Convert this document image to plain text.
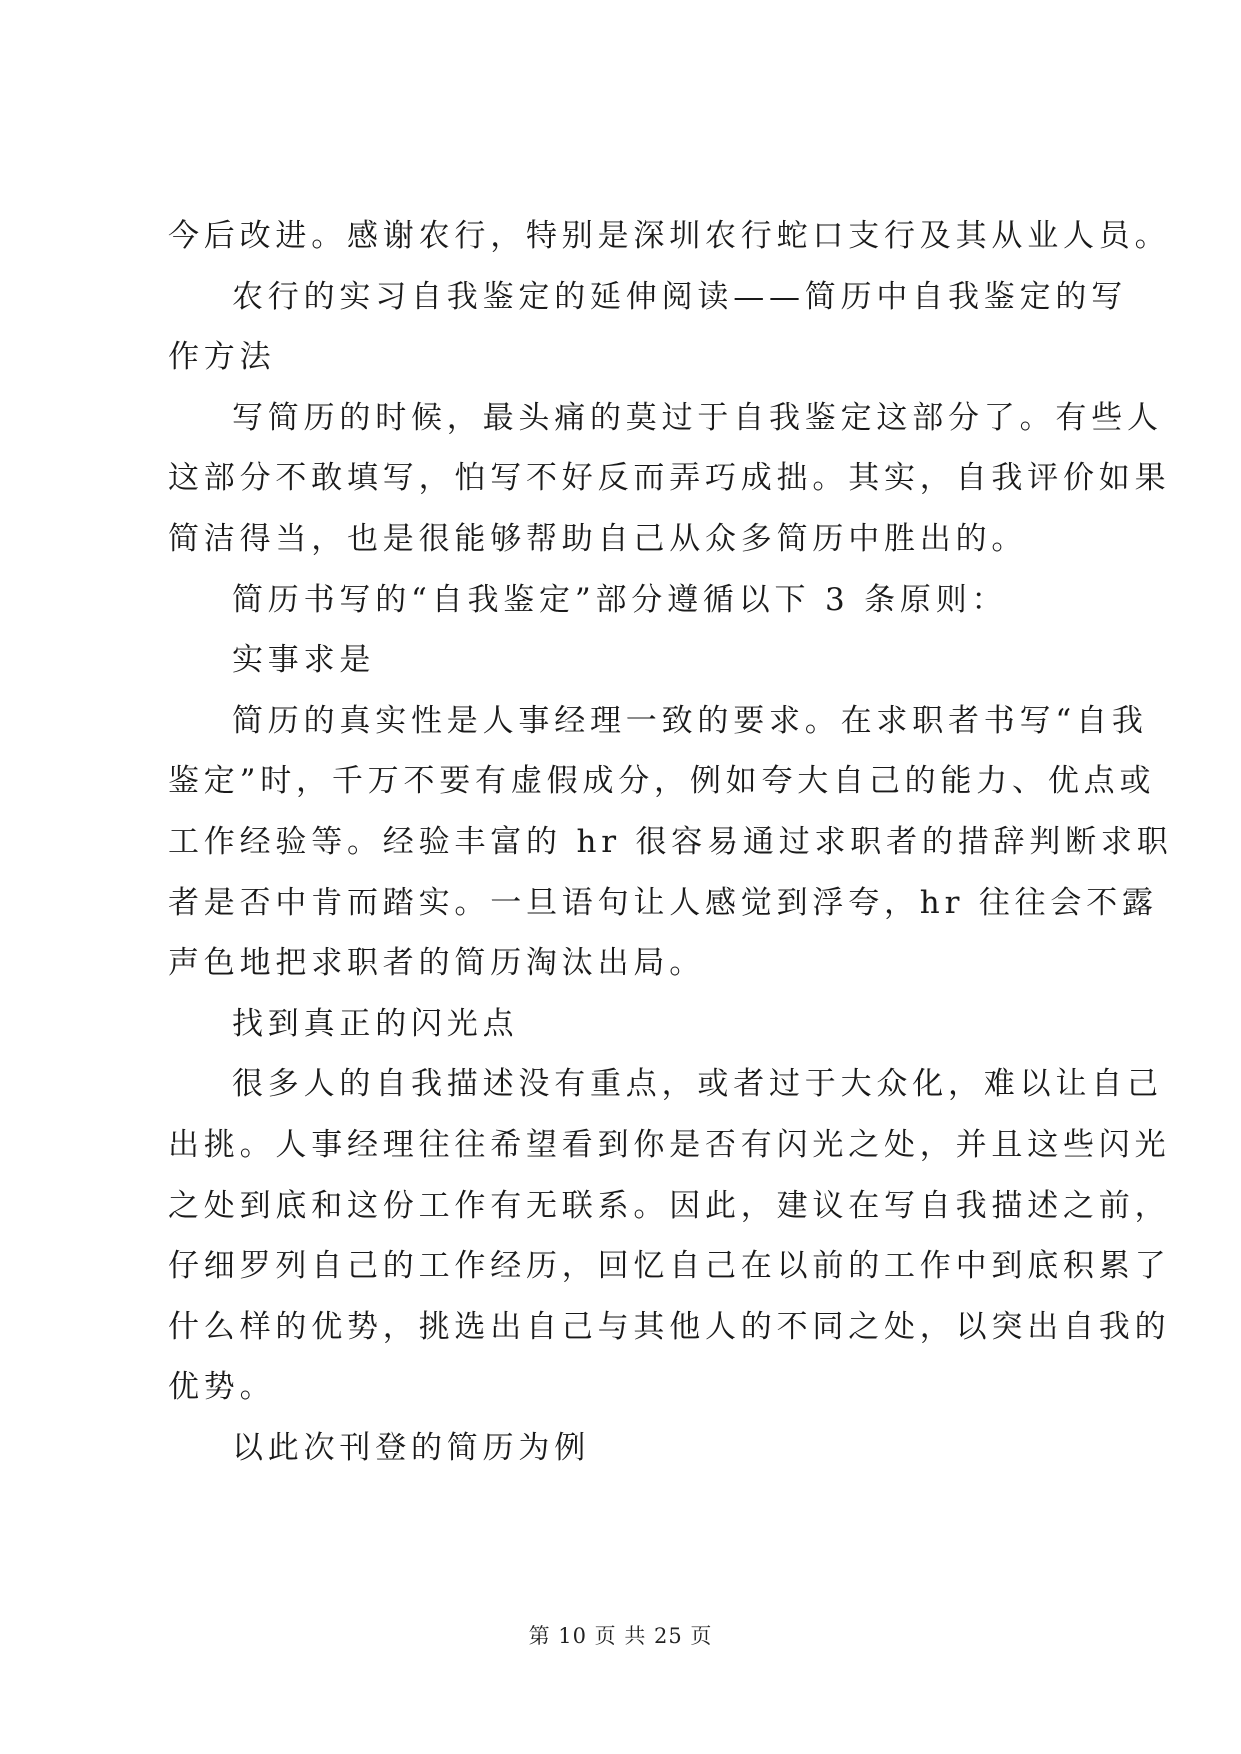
今后改进。感谢农行，特别是深圳农行蛇口支行及其从业人员。
农行的实习自我鉴定的延伸阅读——简历中自我鉴定的写
作方法
写简历的时候，最头痛的莫过于自我鉴定这部分了。有些人
这部分不敢填写，怕写不好反而弄巧成拙。其实，自我评价如果
简洁得当，也是很能够帮助自己从众多简历中胜出的。
简历书写的“自我鉴定”部分遵循以下 3 条原则：
实事求是
简历的真实性是人事经理一致的要求。在求职者书写“自我
鉴定”时，千万不要有虚假成分，例如夸大自己的能力、优点或
工作经验等。经验丰富的 hr 很容易通过求职者的措辞判断求职
者是否中肯而踏实。一旦语句让人感觉到浮夸，hr 往往会不露
声色地把求职者的简历淘汰出局。
找到真正的闪光点
很多人的自我描述没有重点，或者过于大众化，难以让自己
出挑。人事经理往往希望看到你是否有闪光之处，并且这些闪光
之处到底和这份工作有无联系。因此，建议在写自我描述之前，
仔细罗列自己的工作经历，回忆自己在以前的工作中到底积累了
什么样的优势，挑选出自己与其他人的不同之处，以突出自我的
优势。
以此次刊登的简历为例
第 10 页 共 25 页
